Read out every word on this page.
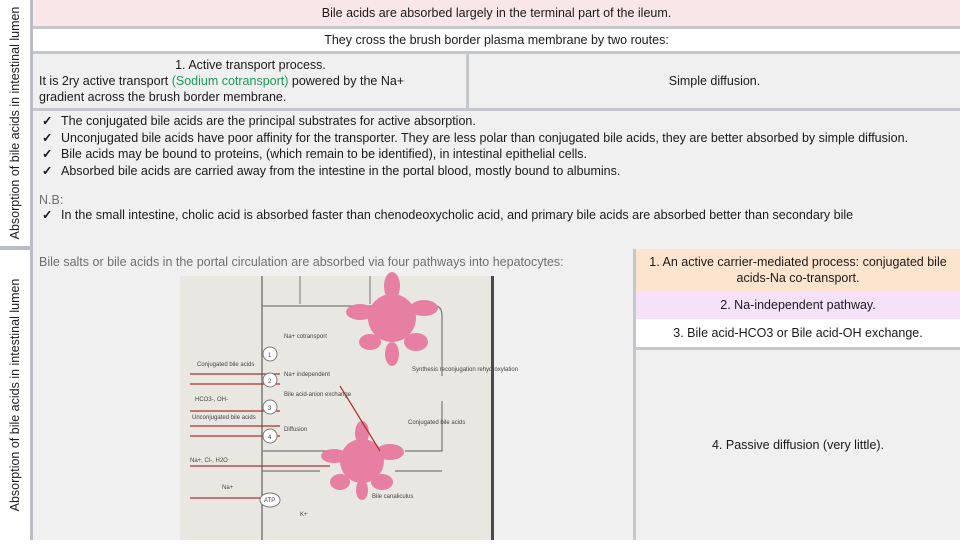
Absorption of bile acids in intestinal lumen
Absorption of bile acids in intestinal lumen
Bile acids are absorbed largely in the terminal part of the ileum.
They cross the brush border plasma membrane by two routes:
1. Active transport process.
It is 2ry active transport (Sodium cotransport) powered by the Na+
gradient across the brush border membrane.
Simple diffusion.
✓ The conjugated bile acids are the principal substrates for active absorption.
✓ Unconjugated bile acids have poor affinity for the transporter. They are less polar than conjugated bile acids, they are better absorbed by simple diffusion.
✓ Bile acids may be bound to proteins, (which remain to be identified), in intestinal epithelial cells.
✓ Absorbed bile acids are carried away from the intestine in the portal blood, mostly bound to albumins.
N.B:
✓ In the small intestine, cholic acid is absorbed faster than chenodeoxycholic acid, and primary bile acids are absorbed better than secondary bile
Bile salts or bile acids in the portal circulation are absorbed via four pathways into hepatocytes:
1
2
3
4
Conjugated bile acids
HCO3-, OH-
Unconjugated bile acids
Na+, Cl-, H2O
Na+
Na+ cotransport
Na+ independent
Bile acid-anion exchange
Diffusion
ATP
K+
Synthesis reconjugation rehydroxylation
Conjugated bile acids
Bile canaliculus
1. An active carrier-mediated process: conjugated bile acids-Na co-transport.
2. Na-independent pathway.
3. Bile acid-HCO3 or Bile acid-OH exchange.
4. Passive diffusion (very little).
